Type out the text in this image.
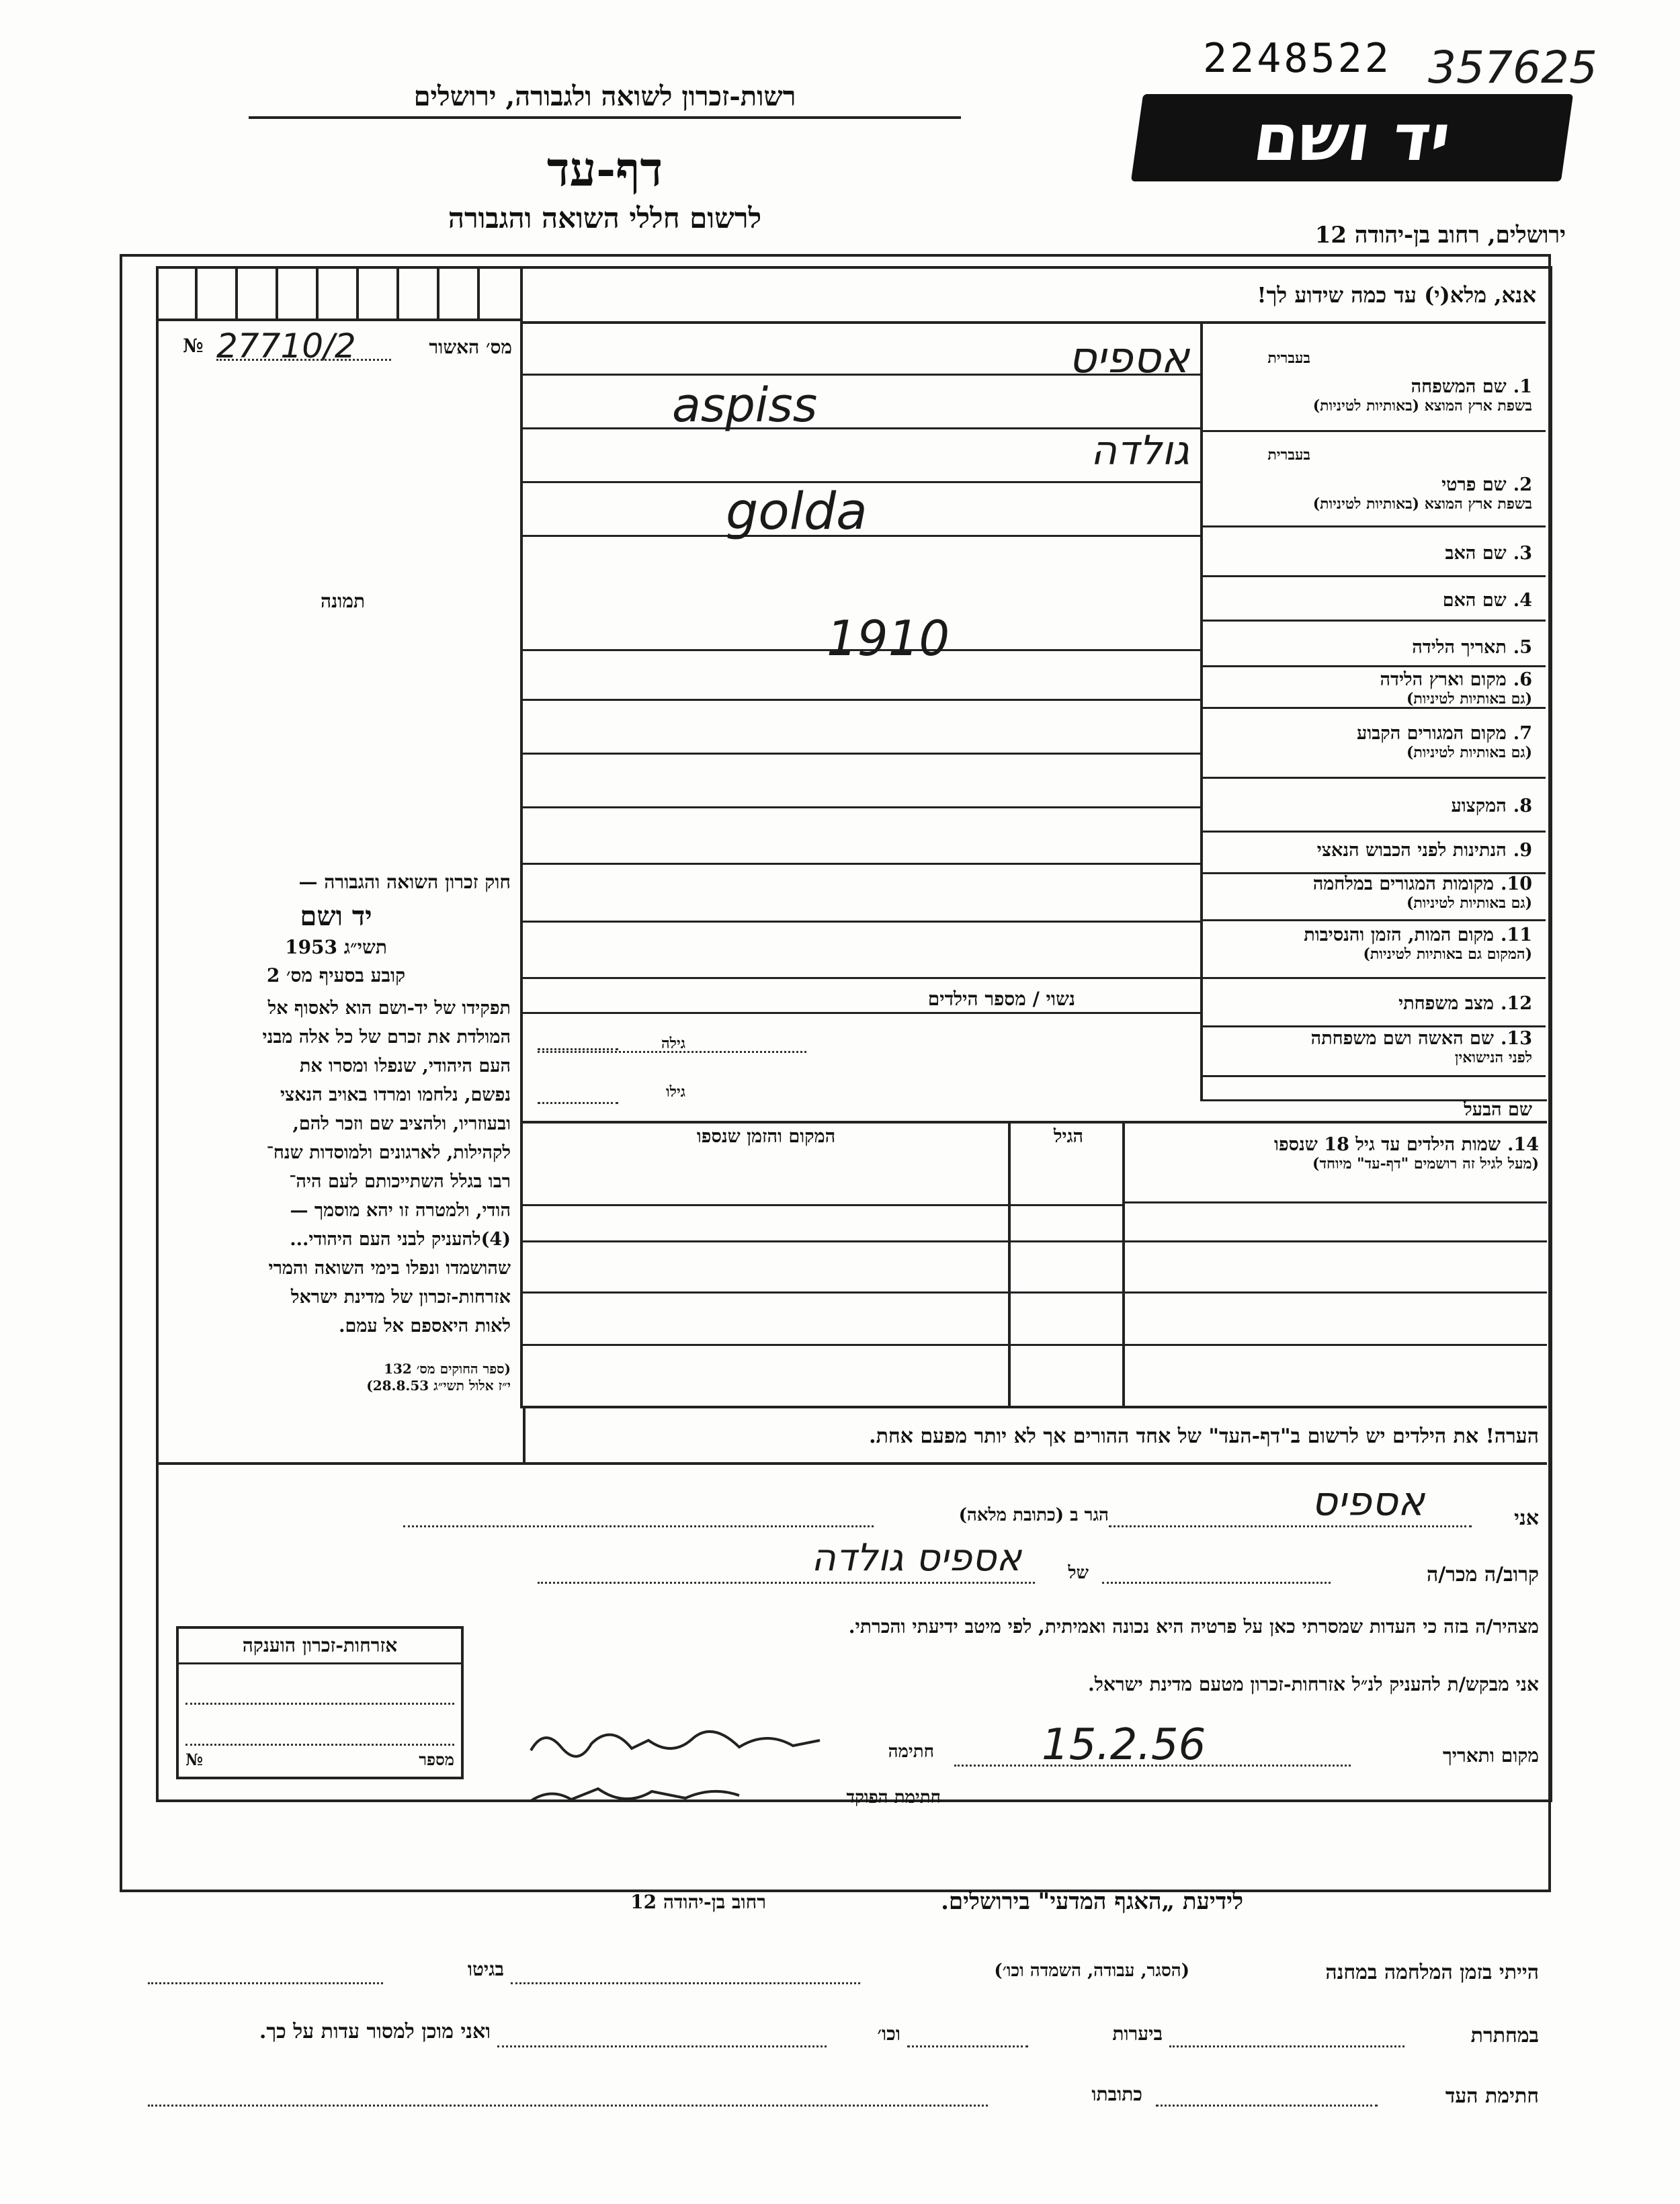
2248522 357625
יד ושם
רשות-זכרון לשואה ולגבורה, ירושלים
דף-עד
לרשום חללי השואה והגבורה
ירושלים, רחוב בן-יהודה 12
אנא, מלא(י) עד כמה שידוע לך!
№ 27710/2	מס׳ האשור
תמונה
בעברית
1.שם המשפחה
בשפת ארץ המוצא (באותיות לטיניות)
בעברית
2.שם פרטי
בשפת ארץ המוצא (באותיות לטיניות)
3.שם האב
4.שם האם
5.תאריך הלידה
6.מקום וארץ הלידה
(גם באותיות לטיניות)
7.מקום המגורים הקבוע
(גם באותיות לטיניות)
8.המקצוע
9.הנתינות לפני הכבוש הנאצי
10.מקומות המגורים במלחמה
(גם באותיות לטיניות)
11.מקום המות, הזמן והנסיבות
(המקום גם באותיות לטיניות)
12.מצב משפחתי
13.שם האשה ושם משפחתה
לפני הנישואין
שם הבעל
אספיס
aspiss
גולדה
golda
1910
נשוי / מספר הילדים
גילה
גילו
14.שמות הילדים עד גיל 18 שנספו
(מעל לגיל זה רושמים "דף-עד" מיוחד)
הגיל
המקום והזמן שנספו
חוק זכרון השואה והגבורה —
יד ושם
תשי״ג 1953
קובע בסעיף מס׳ 2
תפקידו של יד-ושם הוא לאסוף אל
המולדת את זכרם של כל אלה מבני
העם היהודי, שנפלו ומסרו את
נפשם, נלחמו ומרדו באויב הנאצי
ובעוזריו, ולהציב שם וזכר להם,
לקהילות, לארגונים ולמוסדות שנח־
רבו בגלל השתייכותם לעם היה־
הודי, ולמטרה זו יהא מוסמך —
(4)להעניק לבני העם היהודי...
שהושמדו ונפלו בימי השואה והמרי
אזרחות-זכרון של מדינת ישראל
לאות היאספם אל עמם.
(ספר החוקים מס׳ 132
י״ז אלול תשי״ג 28.8.53)
הערה! את הילדים יש לרשום ב"דף-העד" של אחד ההורים אך לא יותר מפעם אחת.
אני
אספיס
הגר ב (כתובת מלאה)
קרוב/ה מכר/ה
של
אספיס גולדה
מצהיר/ה בזה כי העדות שמסרתי כאן על פרטיה היא נכונה ואמיתית, לפי מיטב ידיעתי והכרתי.
אני מבקש/ת להעניק לנ״ל אזרחות-זכרון מטעם מדינת ישראל.
מקום ותאריך
15.2.56
חתימה
חתימת הפוקד
אזרחות-זכרון הוענקה
№	מספר
לידיעת „האגף המדעי" בירושלים.
רחוב בן-יהודה 12
הייתי בזמן המלחמה במחנה
(הסגר, עבודה, השמדה וכו׳)
בגיטו
במחתרת
ביערות
וכו׳
ואני מוכן למסור עדות על כך.
חתימת העד
כתובתו
